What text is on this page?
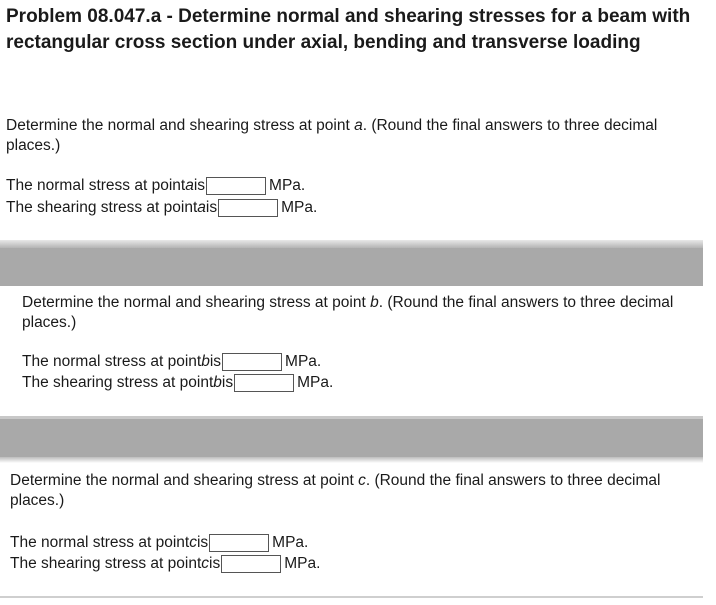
Problem 08.047.a - Determine normal and shearing stresses for a beam with rectangular cross section under axial, bending and transverse loading

Determine the normal and shearing stress at point a. (Round the final answers to three decimal places.)

The normal stress at point a is	MPa.
The shearing stress at point a is	MPa.

Determine the normal and shearing stress at point b. (Round the final answers to three decimal places.)

The normal stress at point b is	MPa.
The shearing stress at point b is	MPa.

Determine the normal and shearing stress at point c. (Round the final answers to three decimal places.)

The normal stress at point c is	MPa.
The shearing stress at point c is	MPa.
